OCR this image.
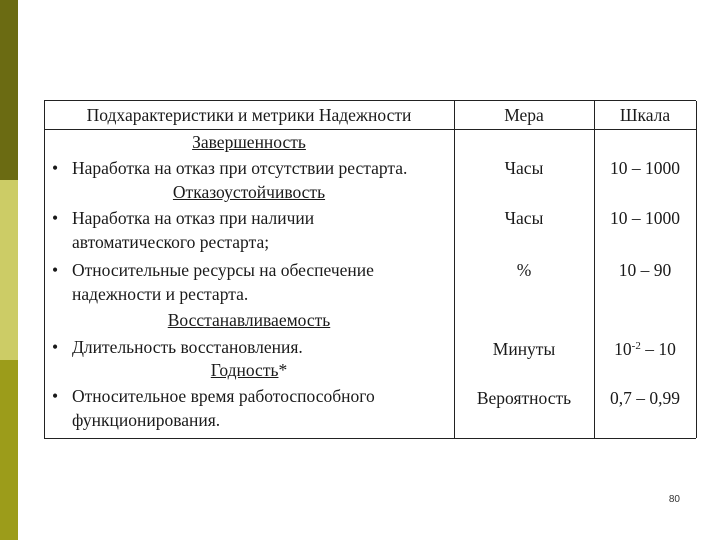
Подхарактеристики и метрики Надежности	Мера	Шкала
Завершенность
• Наработка на отказ при отсутствии рестарта.	Часы	10 – 1000
Отказоустойчивость
• Наработка на отказ при наличии
автоматического рестарта;
Часы	10 – 1000
• Относительные ресурсы на обеспечение
надежности и рестарта.
%	10 – 90
Восстанавливаемость
• Длительность восстановления.	Минуты	$10^{-2} - 10$
Годность*
• Относительное время работоспособного
функционирования.
Вероятность	0,7 – 0,99
80
